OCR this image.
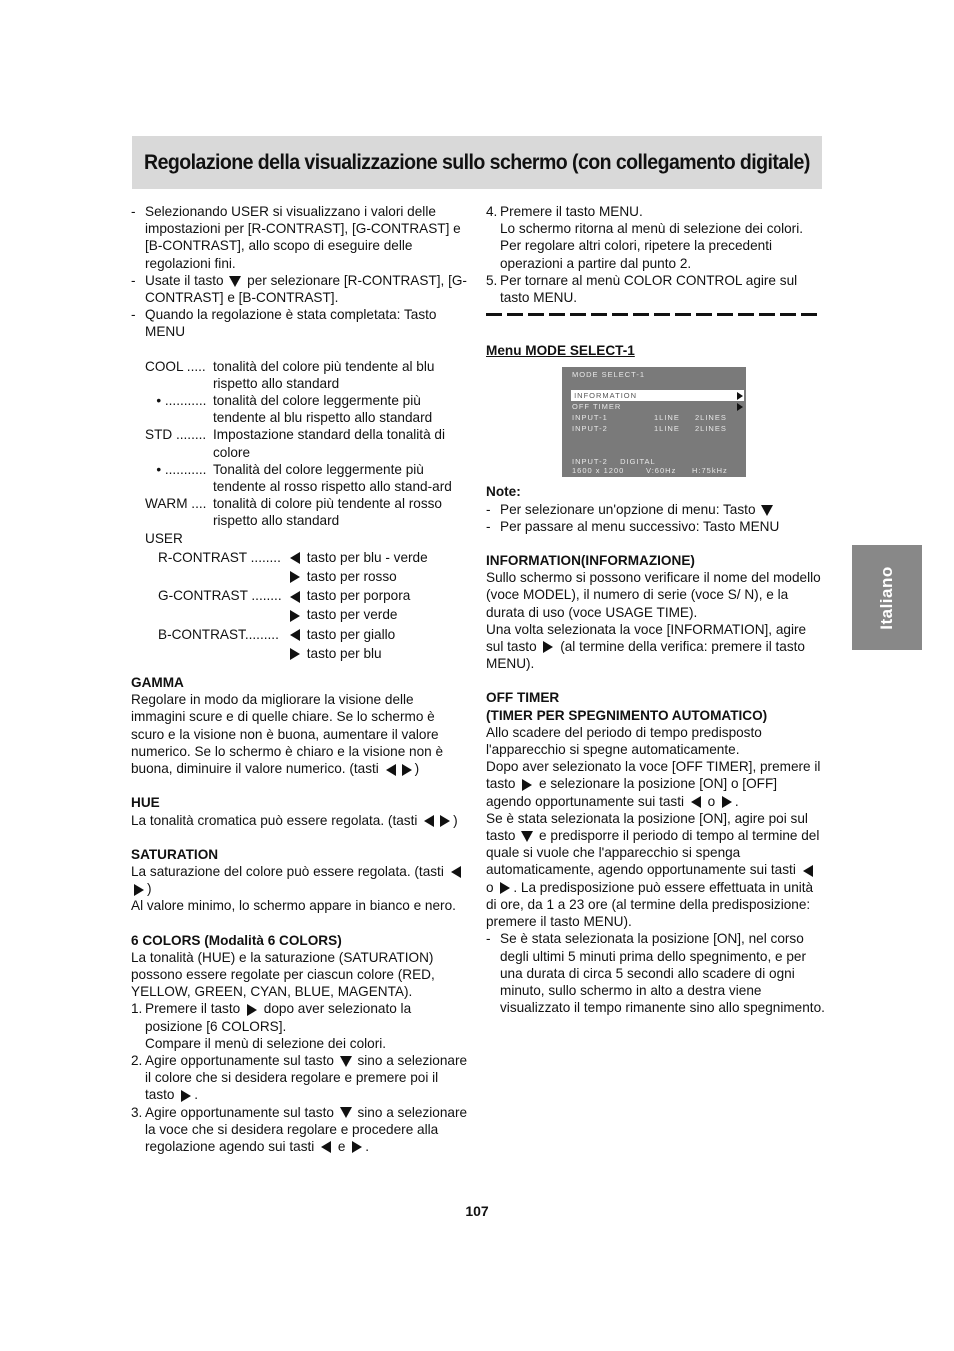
Regolazione della visualizzazione sullo schermo (con collegamento digitale)
Italiano
- Selezionando USER si visualizzano i valori delle impostazioni per [R-CONTRAST], [G-CONTRAST] e [B-CONTRAST], allo scopo di eseguire delle regolazioni fini.
- Usate il tasto per selezionare [R-CONTRAST], [G-CONTRAST] e [B-CONTRAST].
- Quando la regolazione è stata completata: Tasto MENU
COOL ..... tonalità del colore più tendente al blu rispetto allo standard
• ........... tonalità del colore leggermente più tendente al blu rispetto allo standard
STD ........ Impostazione standard della tonalità di colore
• ........... Tonalità del colore leggermente più tendente al rosso rispetto allo stand-ard
WARM .... tonalità di colore più tendente al rosso rispetto allo standard
USER
R-CONTRAST ........	tasto per blu - verde
tasto per rosso
G-CONTRAST ........	tasto per porpora
tasto per verde
B-CONTRAST.........	tasto per giallo
tasto per blu

GAMMA

Regolare in modo da migliorare la visione delle immagini scure e di quelle chiare. Se lo schermo è scuro e la visione non è buona, aumentare il valore numerico. Se lo schermo è chiaro e la visione non è buona, diminuire il valore numerico. (tasti	)

HUE

La tonalità cromatica può essere regolata. (tasti	)

SATURATION

La saturazione del colore può essere regolata. (tasti )

Al valore minimo, lo schermo appare in bianco e nero.

6 COLORS (Modalità 6 COLORS)

La tonalità (HUE) e la saturazione (SATURATION) possono essere regolate per ciascun colore (RED, YELLOW, GREEN, CYAN, BLUE, MAGENTA).

1. Premere il tasto dopo aver selezionato la posizione [6 COLORS].
Compare il menù di selezione dei colori.
2. Agire opportunamente sul tasto sino a selezionare il colore che si desidera regolare e premere poi il tasto .
3. Agire opportunamente sul tasto sino a selezionare la voce che si desidera regolare e procedere alla regolazione agendo sui tasti e .
4. Premere il tasto MENU.
Lo schermo ritorna al menù di selezione dei colori. Per regolare altri colori, ripetere la precedenti operazioni a partire dal punto 2.
5. Per tornare al menù COLOR CONTROL agire sul tasto MENU.

Menu MODE SELECT-1

MODE SELECT-1
INFORMATION
OFF TIMER
INPUT-1	1LINE 2LINES
INPUT-2	1LINE 2LINES
INPUT-2    DIGITAL
1600 x 1200	V:60Hz H:75kHz

Note:

- Per selezionare un'opzione di menu: Tasto
- Per passare al menu successivo: Tasto MENU

INFORMATION(INFORMAZIONE)

Sullo schermo si possono verificare il nome del modello (voce MODEL), il numero di serie (voce S/ N), e la durata di uso (voce USAGE TIME).

Una volta selezionata la voce [INFORMATION], agire sul tasto (al termine della verifica: premere il tasto MENU).

OFF TIMER

(TIMER PER SPEGNIMENTO AUTOMATICO)

Allo scadere del periodo di tempo predisposto l'apparecchio si spegne automaticamente.

Dopo aver selezionato la voce [OFF TIMER], premere il tasto e selezionare la posizione [ON] o [OFF] agendo opportunamente sui tasti o .

Se è stata selezionata la posizione [ON], agire poi sul tasto e predisporre il periodo di tempo al termine del quale si vuole che l'apparecchio si spenga automaticamente, agendo opportunamente sui tasti  o . La predisposizione può essere effettuata in unità di ore, da 1 a 23 ore (al termine della predisposizione: premere il tasto MENU).

- Se è stata selezionata la posizione [ON], nel corso degli ultimi 5 minuti prima dello spegnimento, e per una durata di circa 5 secondi allo scadere di ogni minuto, sullo schermo in alto a destra viene visualizzato il tempo rimanente sino allo spegnimento.
107
